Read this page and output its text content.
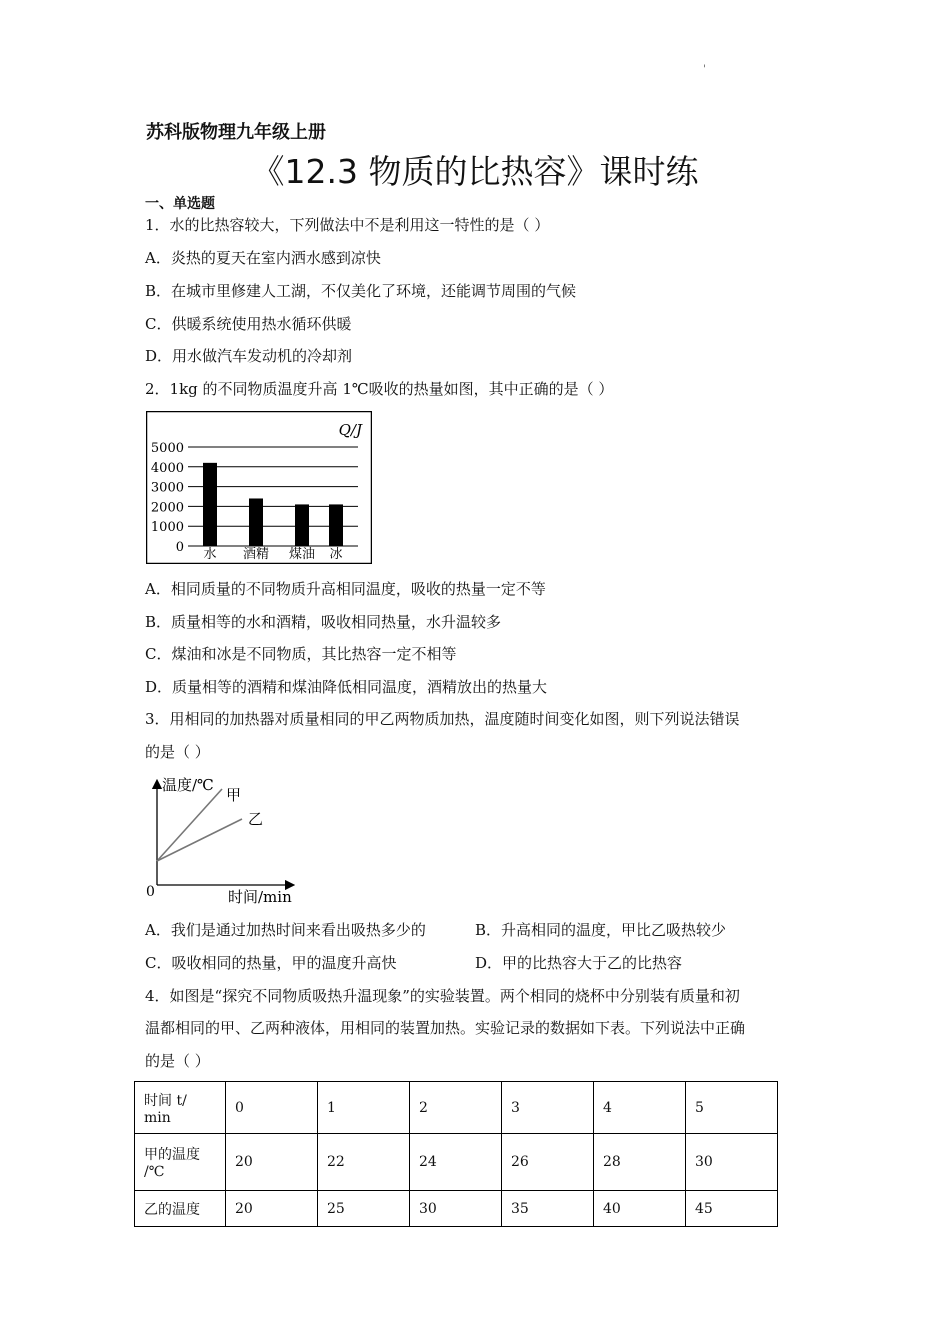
'
苏科版物理九年级上册
《12.3 物质的比热容》课时练
一、单选题
1．水的比热容较大，下列做法中不是利用这一特性的是（ ）
A．炎热的夏天在室内洒水感到凉快
B．在城市里修建人工湖，不仅美化了环境，还能调节周围的气候
C．供暖系统使用热水循环供暖
D．用水做汽车发动机的冷却剂
2．1kg 的不同物质温度升高 1℃吸收的热量如图，其中正确的是（ ）
0
1000
2000
3000
4000
5000
水 酒精 煤油 冰
Q/J
A．相同质量的不同物质升高相同温度，吸收的热量一定不等
B．质量相等的水和酒精，吸收相同热量，水升温较多
C．煤油和冰是不同物质，其比热容一定不相等
D．质量相等的酒精和煤油降低相同温度，酒精放出的热量大
3．用相同的加热器对质量相同的甲乙两物质加热，温度随时间变化如图，则下列说法错误
的是（ ）
甲
乙
温度/℃
时间/min
0
A．我们是通过加热时间来看出吸热多少的	B．升高相同的温度，甲比乙吸热较少
C．吸收相同的热量，甲的温度升高快	D．甲的比热容大于乙的比热容
4．如图是“探究不同物质吸热升温现象”的实验装置。两个相同的烧杯中分别装有质量和初
温都相同的甲、乙两种液体，用相同的装置加热。实验记录的数据如下表。下列说法中正确
的是（ ）
时间 t/
min	0	1	2	3	4	5
甲的温度
/℃	20	22	24	26	28	30
乙的温度	20	25	30	35	40	45
